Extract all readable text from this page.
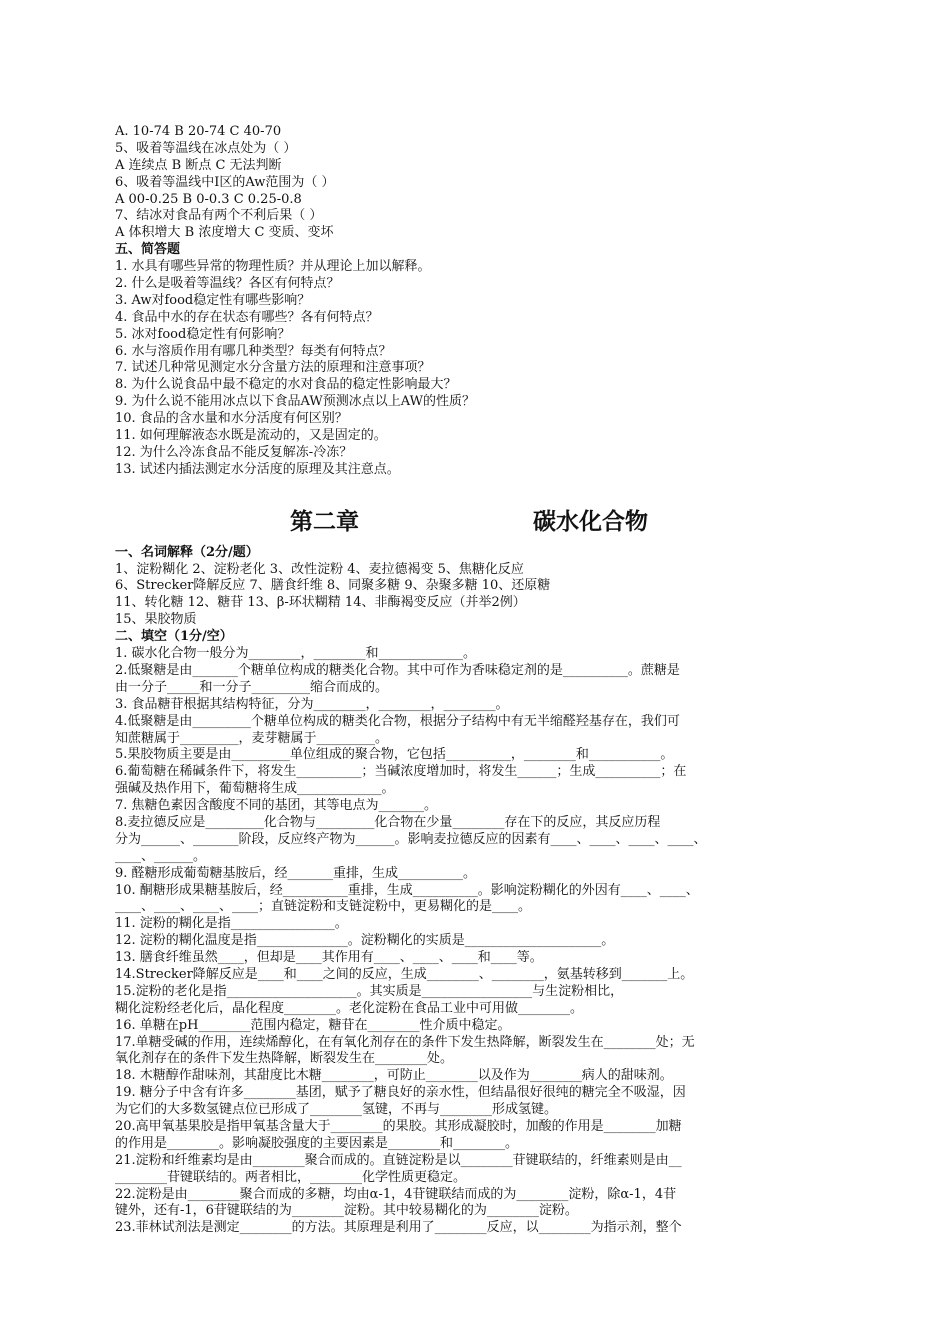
A. 10-74 B 20-74 C 40-70
5、吸着等温线在冰点处为（ ）
A 连续点 B 断点 C 无法判断
6、吸着等温线中Ⅰ区的Aw范围为（ ）
A 00-0.25 B 0-0.3 C 0.25-0.8
7、结冰对食品有两个不利后果（ ）
A 体积增大 B 浓度增大 C 变质、变坏
五、简答题
1. 水具有哪些异常的物理性质？并从理论上加以解释。
2. 什么是吸着等温线？各区有何特点？
3. Aw对food稳定性有哪些影响？
4. 食品中水的存在状态有哪些？各有何特点？
5. 冰对food稳定性有何影响？
6. 水与溶质作用有哪几种类型？每类有何特点？
7. 试述几种常见测定水分含量方法的原理和注意事项？
8. 为什么说食品中最不稳定的水对食品的稳定性影响最大？
9. 为什么说不能用冰点以下食品AW预测冰点以上AW的性质？
10. 食品的含水量和水分活度有何区别？
11. 如何理解液态水既是流动的，又是固定的。
12. 为什么冷冻食品不能反复解冻-冷冻？
13. 试述内插法测定水分活度的原理及其注意点。
第二章	碳水化合物
一、名词解释（2分/题）
1、淀粉糊化 2、淀粉老化 3、改性淀粉 4、麦拉德褐变 5、焦糖化反应
6、Strecker降解反应 7、膳食纤维 8、同聚多糖 9、杂聚多糖 10、还原糖
11、转化糖 12、糖苷 13、β-环状糊精 14、非酶褐变反应（并举2例）
15、果胶物质
二、填空（1分/空）
1. 碳水化合物一般分为________，________和_____________。
2.低聚糖是由_______个糖单位构成的糖类化合物。其中可作为香味稳定剂的是__________。蔗糖是
由一分子_____和一分子_________缩合而成的。
3. 食品糖苷根据其结构特征，分为________，________，________。
4.低聚糖是由_________个糖单位构成的糖类化合物，根据分子结构中有无半缩醛羟基存在，我们可
知蔗糖属于_________，麦芽糖属于_________。
5.果胶物质主要是由_________单位组成的聚合物，它包括__________，________和___________。
6.葡萄糖在稀碱条件下，将发生__________；当碱浓度增加时，将发生______；生成__________；在
强碱及热作用下，葡萄糖将生成_____________。
7. 焦糖色素因含酸度不同的基团，其等电点为_______。
8.麦拉德反应是_________化合物与_________化合物在少量________存在下的反应，其反应历程
分为______、_______阶段，反应终产物为______。影响麦拉德反应的因素有____、____、____、____、
____、______。
9. 醛糖形成葡萄糖基胺后，经_______重排，生成__________。
10. 酮糖形成果糖基胺后，经__________重排，生成__________。影响淀粉糊化的外因有____、____、
____、____、____、____；直链淀粉和支链淀粉中，更易糊化的是____。
11. 淀粉的糊化是指________________。
12. 淀粉的糊化温度是指______________。淀粉糊化的实质是_____________________。
13. 膳食纤维虽然____，但却是____其作用有____、____、____和____等。
14.Strecker降解反应是____和____之间的反应，生成________、________，氨基转移到_______上。
15.淀粉的老化是指____________________。其实质是_________________与生淀粉相比，
糊化淀粉经老化后，晶化程度________。老化淀粉在食品工业中可用做________。
16. 单糖在pH________范围内稳定，糖苷在________性介质中稳定。
17.单糖受碱的作用，连续烯醇化，在有氧化剂存在的条件下发生热降解，断裂发生在________处；无
氧化剂存在的条件下发生热降解，断裂发生在________处。
18. 木糖醇作甜味剂，其甜度比木糖________，可防止________以及作为________病人的甜味剂。
19. 糖分子中含有许多________基团，赋予了糖良好的亲水性，但结晶很好很纯的糖完全不吸湿，因
为它们的大多数氢键点位已形成了________氢键，不再与________形成氢键。
20.高甲氧基果胶是指甲氧基含量大于________的果胶。其形成凝胶时，加酸的作用是________加糖
的作用是________。影响凝胶强度的主要因素是________和________。
21.淀粉和纤维素均是由________聚合而成的。直链淀粉是以________苷键联结的，纤维素则是由__
________苷键联结的。两者相比，________化学性质更稳定。
22.淀粉是由________聚合而成的多糖，均由α-1，4苷键联结而成的为________淀粉，除α-1，4苷
键外，还有-1，6苷键联结的为________淀粉。其中较易糊化的为________淀粉。
23.菲林试剂法是测定________的方法。其原理是利用了________反应，以________为指示剂，整个
